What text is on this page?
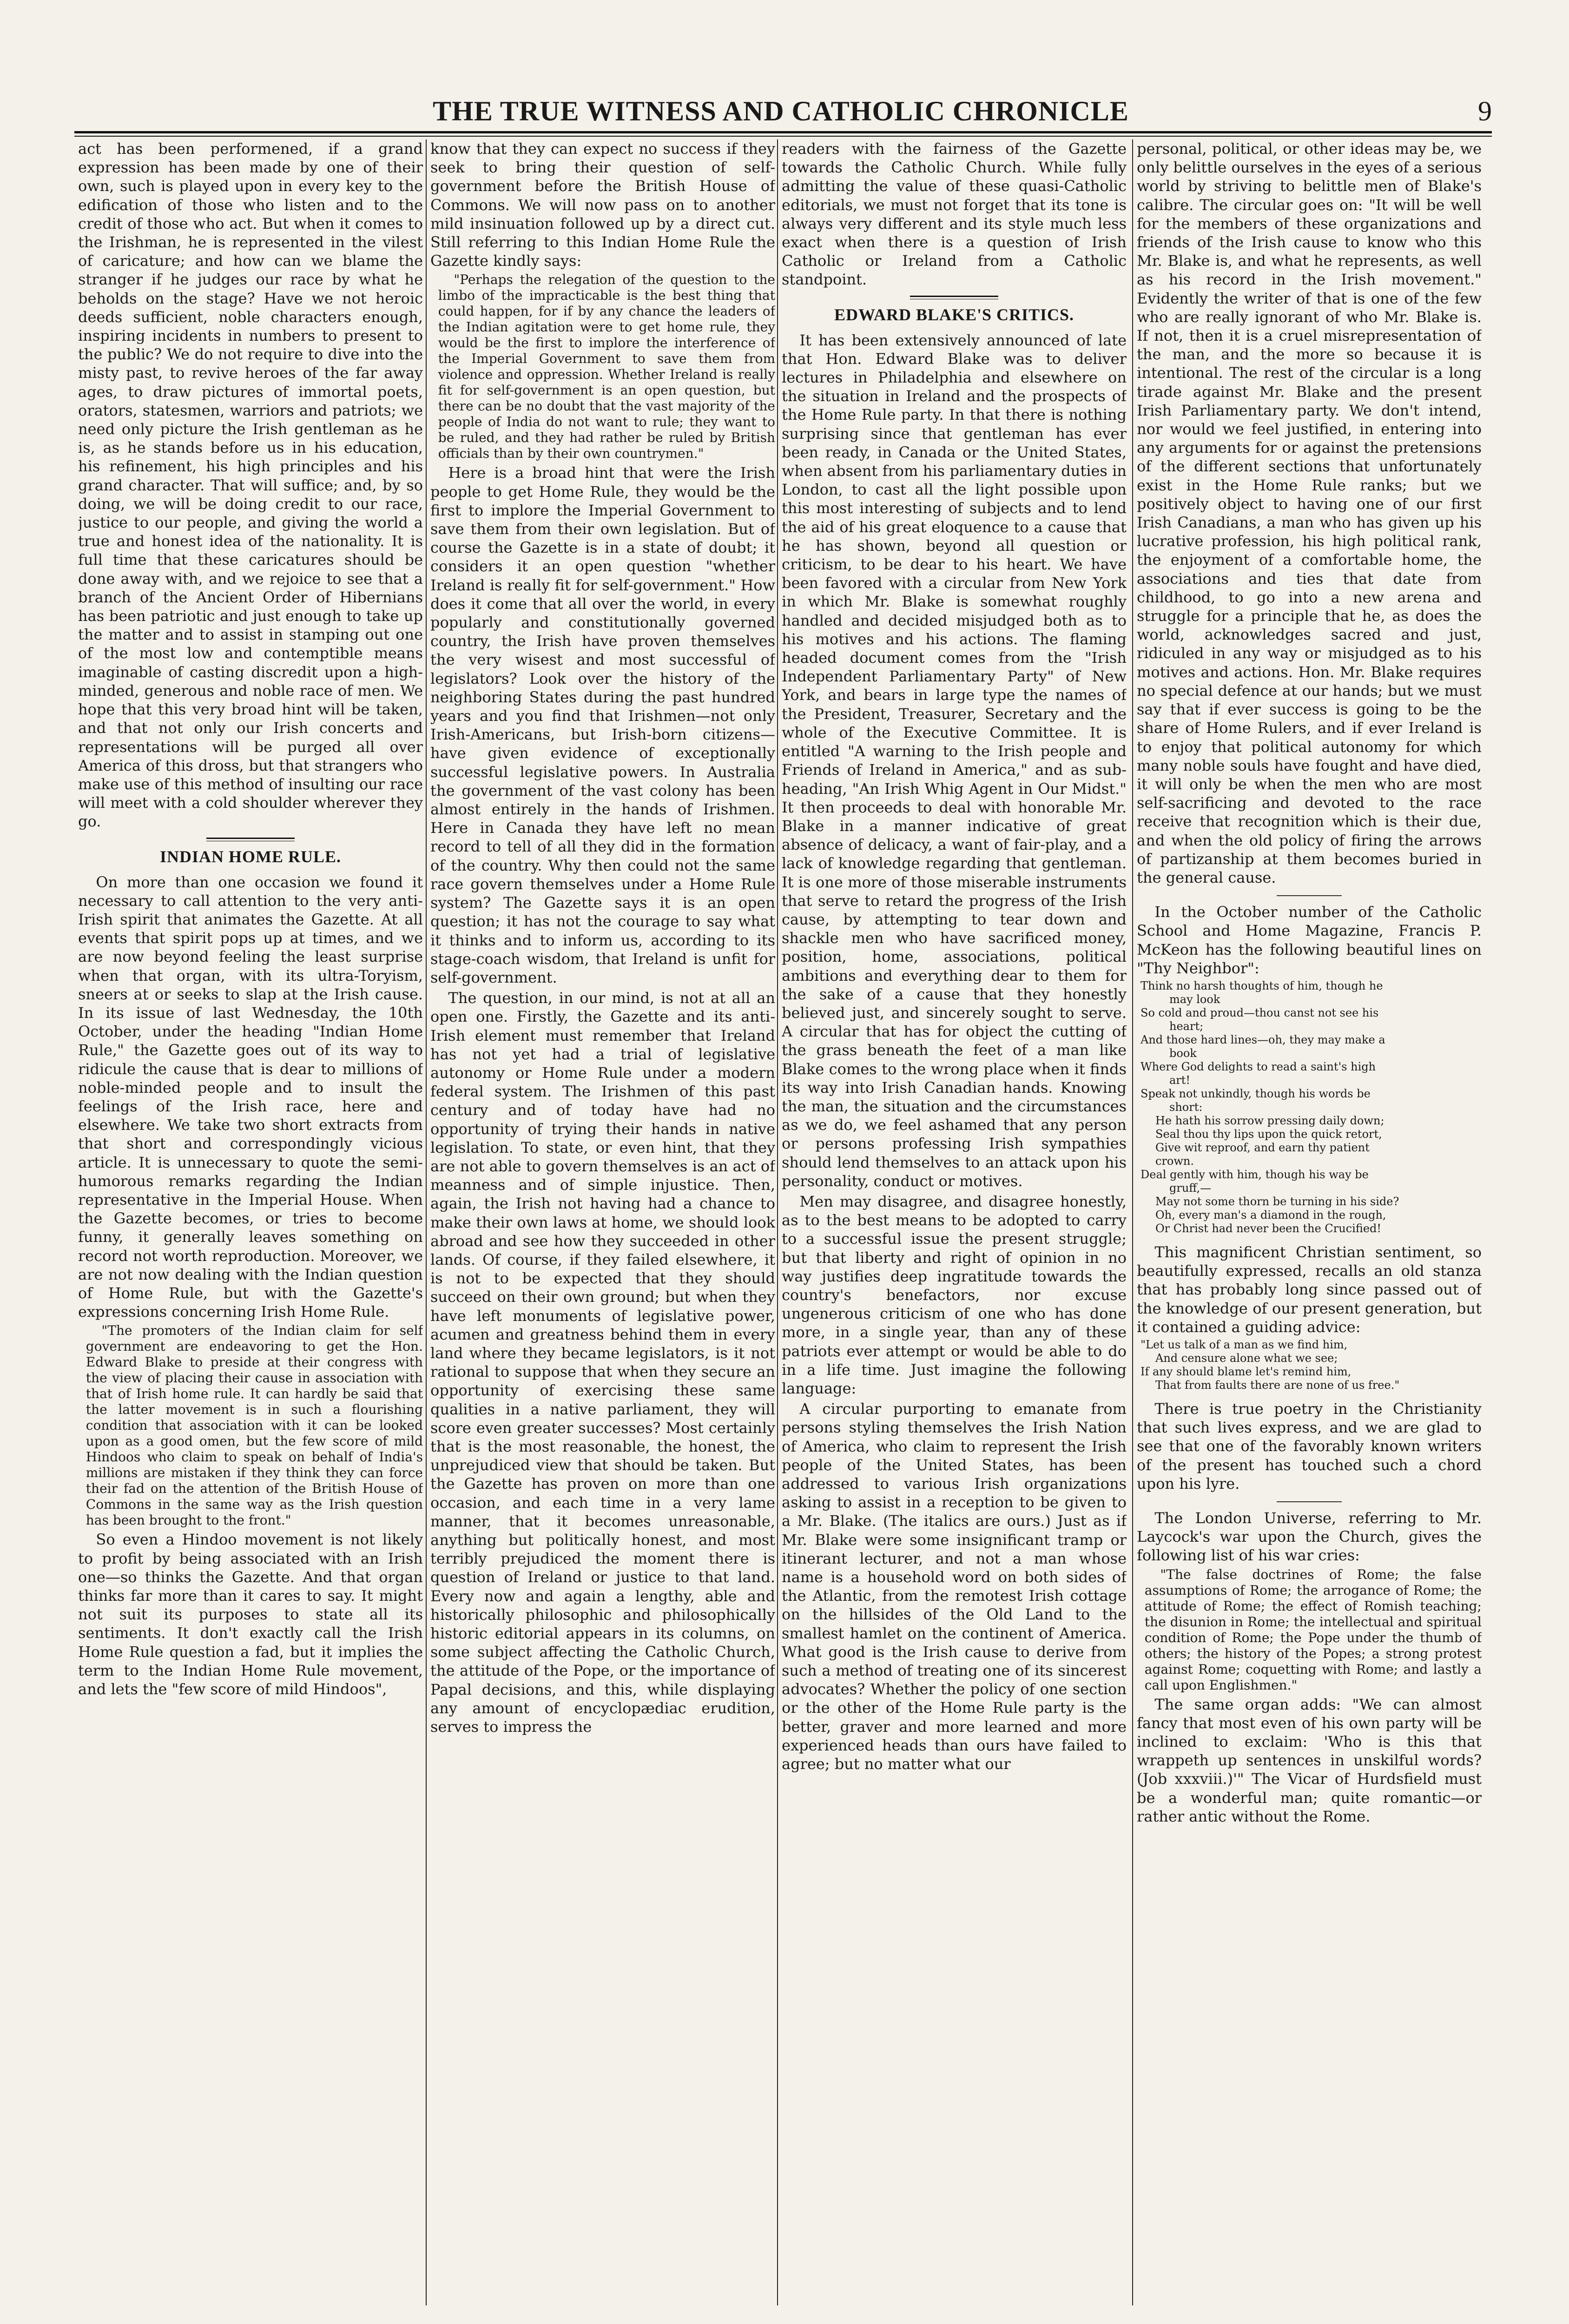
THE TRUE WITNESS AND CATHOLIC CHRONICLE	9

act has been performened, if a grand expression has been made by one of their own, such is played upon in every key to the edification of those who listen and to the credit of those who act. But when it comes to the Irishman, he is represented in the vilest of caricature; and how can we blame the stranger if he judges our race by what he beholds on the stage? Have we not heroic deeds sufficient, noble characters enough, inspiring incidents in numbers to present to the public? We do not require to dive into the misty past, to revive heroes of the far away ages, to draw pictures of immortal poets, orators, statesmen, warriors and patriots; we need only picture the Irish gentleman as he is, as he stands before us in his education, his refinement, his high principles and his grand character. That will suffice; and, by so doing, we will be doing credit to our race, justice to our people, and giving the world a true and honest idea of the nationality. It is full time that these caricatures should be done away with, and we rejoice to see that a branch of the Ancient Order of Hibernians has been patriotic and just enough to take up the matter and to assist in stamping out one of the most low and contemptible means imaginable of casting discredit upon a high-minded, generous and noble race of men. We hope that this very broad hint will be taken, and that not only our Irish concerts and representations will be purged all over America of this dross, but that strangers who make use of this method of insulting our race will meet with a cold shoulder wherever they go.

INDIAN HOME RULE.

On more than one occasion we found it necessary to call attention to the very anti-Irish spirit that animates the Gazette. At all events that spirit pops up at times, and we are now beyond feeling the least surprise when that organ, with its ultra-Toryism, sneers at or seeks to slap at the Irish cause. In its issue of last Wednesday, the 10th October, under the heading "Indian Home Rule," the Gazette goes out of its way to ridicule the cause that is dear to millions of noble-minded people and to insult the feelings of the Irish race, here and elsewhere. We take two short extracts from that short and correspondingly vicious article. It is unnecessary to quote the semi-humorous remarks regarding the Indian representative in the Imperial House. When the Gazette becomes, or tries to become funny, it generally leaves something on record not worth reproduction. Moreover, we are not now dealing with the Indian question of Home Rule, but with the Gazette's expressions concerning Irish Home Rule.

"The promoters of the Indian claim for self government are endeavoring to get the Hon. Edward Blake to preside at their congress with the view of placing their cause in association with that of Irish home rule. It can hardly be said that the latter movement is in such a flourishing condition that association with it can be looked upon as a good omen, but the few score of mild Hindoos who claim to speak on behalf of India's millions are mistaken if they think they can force their fad on the attention of the British House of Commons in the same way as the Irish question has been brought to the front."

So even a Hindoo movement is not likely to profit by being associated with an Irish one—so thinks the Gazette. And that organ thinks far more than it cares to say. It might not suit its purposes to state all its sentiments. It don't exactly call the Irish Home Rule question a fad, but it implies the term to the Indian Home Rule movement, and lets the "few score of mild Hindoos",

know that they can expect no success if they seek to bring their question of self-government before the British House of Commons. We will now pass on to another mild insinuation followed up by a direct cut. Still referring to this Indian Home Rule the Gazette kindly says:

"Perhaps the relegation of the question to the limbo of the impracticable is the best thing that could happen, for if by any chance the leaders of the Indian agitation were to get home rule, they would be the first to implore the interference of the Imperial Government to save them from violence and oppression. Whether Ireland is really fit for self-government is an open question, but there can be no doubt that the vast majority of the people of India do not want to rule; they want to be ruled, and they had rather be ruled by British officials than by their own countrymen."

Here is a broad hint that were the Irish people to get Home Rule, they would be the first to implore the Imperial Government to save them from their own legislation. But of course the Gazette is in a state of doubt; it considers it an open question "whether Ireland is really fit for self-government." How does it come that all over the world, in every popularly and constitutionally governed country, the Irish have proven themselves the very wisest and most successful of legislators? Look over the history of the neighboring States during the past hundred years and you find that Irishmen—not only Irish-Americans, but Irish-born citizens—have given evidence of exceptionally successful legislative powers. In Australia the government of the vast colony has been almost entirely in the hands of Irishmen. Here in Canada they have left no mean record to tell of all they did in the formation of the country. Why then could not the same race govern themselves under a Home Rule system? The Gazette says it is an open question; it has not the courage to say what it thinks and to inform us, according to its stage-coach wisdom, that Ireland is unfit for self-government.

The question, in our mind, is not at all an open one. Firstly, the Gazette and its anti-Irish element must remember that Ireland has not yet had a trial of legislative autonomy or Home Rule under a modern federal system. The Irishmen of this past century and of today have had no opportunity of trying their hands in native legislation. To state, or even hint, that they are not able to govern themselves is an act of meanness and of simple injustice. Then, again, the Irish not having had a chance to make their own laws at home, we should look abroad and see how they succeeded in other lands. Of course, if they failed elsewhere, it is not to be expected that they should succeed on their own ground; but when they have left monuments of legislative power, acumen and greatness behind them in every land where they became legislators, is it not rational to suppose that when they secure an opportunity of exercising these same qualities in a native parliament, they will score even greater successes? Most certainly that is the most reasonable, the honest, the unprejudiced view that should be taken. But the Gazette has proven on more than one occasion, and each time in a very lame manner, that it becomes unreasonable, anything but politically honest, and most terribly prejudiced the moment there is question of Ireland or justice to that land. Every now and again a lengthy, able and historically philosophic and philosophically historic editorial appears in its columns, on some subject affecting the Catholic Church, the attitude of the Pope, or the importance of Papal decisions, and this, while displaying any amount of encyclopædiac erudition, serves to impress the

readers with the fairness of the Gazette towards the Catholic Church. While fully admitting the value of these quasi-Catholic editorials, we must not forget that its tone is always very different and its style much less exact when there is a question of Irish Catholic or Ireland from a Catholic standpoint.

EDWARD BLAKE'S CRITICS.

It has been extensively announced of late that Hon. Edward Blake was to deliver lectures in Philadelphia and elsewhere on the situation in Ireland and the prospects of the Home Rule party. In that there is nothing surprising since that gentleman has ever been ready, in Canada or the United States, when absent from his parliamentary duties in London, to cast all the light possible upon this most interesting of subjects and to lend the aid of his great eloquence to a cause that he has shown, beyond all question or criticism, to be dear to his heart. We have been favored with a circular from New York in which Mr. Blake is somewhat roughly handled and decided misjudged both as to his motives and his actions. The flaming headed document comes from the "Irish Independent Parliamentary Party" of New York, and bears in large type the names of the President, Treasurer, Secretary and the whole of the Executive Committee. It is entitled "A warning to the Irish people and Friends of Ireland in America," and as sub-heading, "An Irish Whig Agent in Our Midst." It then proceeds to deal with honorable Mr. Blake in a manner indicative of great absence of delicacy, a want of fair-play, and a lack of knowledge regarding that gentleman. It is one more of those miserable instruments that serve to retard the progress of the Irish cause, by attempting to tear down and shackle men who have sacrificed money, position, home, associations, political ambitions and everything dear to them for the sake of a cause that they honestly believed just, and sincerely sought to serve. A circular that has for object the cutting of the grass beneath the feet of a man like Blake comes to the wrong place when it finds its way into Irish Canadian hands. Knowing the man, the situation and the circumstances as we do, we feel ashamed that any person or persons professing Irish sympathies should lend themselves to an attack upon his personality, conduct or motives.

Men may disagree, and disagree honestly, as to the best means to be adopted to carry to a successful issue the present struggle; but that liberty and right of opinion in no way justifies deep ingratitude towards the country's benefactors, nor excuse ungenerous criticism of one who has done more, in a single year, than any of these patriots ever attempt or would be able to do in a life time. Just imagine the following language:

A circular purporting to emanate from persons styling themselves the Irish Nation of America, who claim to represent the Irish people of the United States, has been addressed to various Irish organizations asking to assist in a reception to be given to a Mr. Blake. (The italics are ours.) Just as if Mr. Blake were some insignificant tramp or itinerant lecturer, and not a man whose name is a household word on both sides of the Atlantic, from the remotest Irish cottage on the hillsides of the Old Land to the smallest hamlet on the continent of America. What good is the Irish cause to derive from such a method of treating one of its sincerest advocates? Whether the policy of one section or the other of the Home Rule party is the better, graver and more learned and more experienced heads than ours have failed to agree; but no matter what our

personal, political, or other ideas may be, we only belittle ourselves in the eyes of a serious world by striving to belittle men of Blake's calibre. The circular goes on: "It will be well for the members of these organizations and friends of the Irish cause to know who this Mr. Blake is, and what he represents, as well as his record in the Irish movement." Evidently the writer of that is one of the few who are really ignorant of who Mr. Blake is. If not, then it is a cruel misrepresentation of the man, and the more so because it is intentional. The rest of the circular is a long tirade against Mr. Blake and the present Irish Parliamentary party. We don't intend, nor would we feel justified, in entering into any arguments for or against the pretensions of the different sections that unfortunately exist in the Home Rule ranks; but we positively object to having one of our first Irish Canadians, a man who has given up his lucrative profession, his high political rank, the enjoyment of a comfortable home, the associations and ties that date from childhood, to go into a new arena and struggle for a principle that he, as does the world, acknowledges sacred and just, ridiculed in any way or misjudged as to his motives and actions. Hon. Mr. Blake requires no special defence at our hands; but we must say that if ever success is going to be the share of Home Rulers, and if ever Ireland is to enjoy that political autonomy for which many noble souls have fought and have died, it will only be when the men who are most self-sacrificing and devoted to the race receive that recognition which is their due, and when the old policy of firing the arrows of partizanship at them becomes buried in the general cause.

In the October number of the Catholic School and Home Magazine, Francis P. McKeon has the following beautiful lines on "Thy Neighbor":

Think no harsh thoughts of him, though he
may look
So cold and proud—thou canst not see his
heart;
And those hard lines—oh, they may make a
book
Where God delights to read a saint's high
art!
Speak not unkindly, though his words be
short:
He hath his sorrow pressing daily down;
Seal thou thy lips upon the quick retort,
Give wit reproof, and earn thy patient
crown.
Deal gently with him, though his way be
gruff,—
May not some thorn be turning in his side?
Oh, every man's a diamond in the rough,
Or Christ had never been the Crucified!

This magnificent Christian sentiment, so beautifully expressed, recalls an old stanza that has probably long since passed out of the knowledge of our present generation, but it contained a guiding advice:

"Let us talk of a man as we find him,
And censure alone what we see;
If any should blame let's remind him,
That from faults there are none of us free."

There is true poetry in the Christianity that such lives express, and we are glad to see that one of the favorably known writers of the present has touched such a chord upon his lyre.

The London Universe, referring to Mr. Laycock's war upon the Church, gives the following list of his war cries:

"The false doctrines of Rome; the false assumptions of Rome; the arrogance of Rome; the attitude of Rome; the effect of Romish teaching; the disunion in Rome; the intellectual and spiritual condition of Rome; the Pope under the thumb of others; the history of the Popes; a strong protest against Rome; coquetting with Rome; and lastly a call upon Englishmen."

The same organ adds: "We can almost fancy that most even of his own party will be inclined to exclaim: 'Who is this that wrappeth up sentences in unskilful words? (Job xxxviii.)'" The Vicar of Hurdsfield must be a wonderful man; quite romantic—or rather antic without the Rome.
